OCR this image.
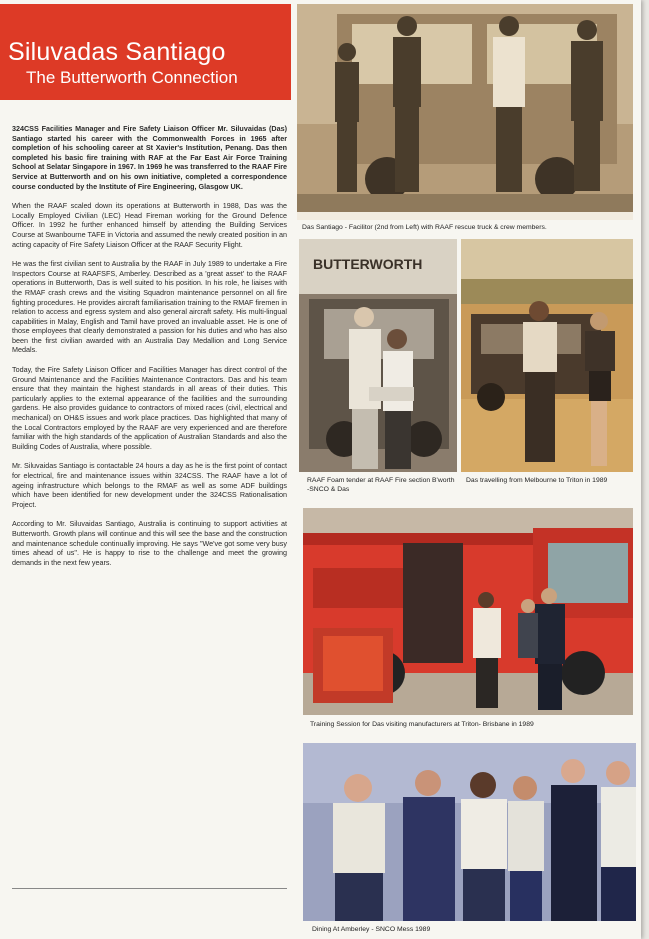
Siluvadas Santiago
The Butterworth Connection

324CSS Facilities Manager and Fire Safety Liaison Officer Mr. Siluvaidas (Das) Santiago started his career with the Commonwealth Forces in 1965 after completion of his schooling career at St Xavier's Institution, Penang. Das then completed his basic fire training with RAF at the Far East Air Force Training School at Selatar Singapore in 1967. In 1969 he was transferred to the RAAF Fire Service at Butterworth and on his own initiative, completed a correspondence course conducted by the Institute of Fire Engineering, Glasgow UK.

When the RAAF scaled down its operations at Butterworth in 1988, Das was the Locally Employed Civilian (LEC) Head Fireman working for the Ground Defence Officer. In 1992 he further enhanced himself by attending the Building Services Course at Swanbourne TAFE in Victoria and assumed the newly created position in an acting capacity of Fire Safety Liaison Officer at the RAAF Security Flight.

He was the first civilian sent to Australia by the RAAF in July 1989 to undertake a Fire Inspectors Course at RAAFSFS, Amberley. Described as a 'great asset' to the RAAF operations in Butterworth, Das is well suited to his position. In his role, he liaises with the RMAF crash crews and the visiting Squadron maintenance personnel on all fire fighting procedures. He provides aircraft familiarisation training to the RMAF firemen in relation to access and egress system and also general aircraft safety. His multi-lingual capabilities in Malay, English and Tamil have proved an invaluable asset. He is one of those employees that clearly demonstrated a passion for his duties and who has also been the first civilian awarded with an Australia Day Medallion and Long Service Medals.

Today, the Fire Safety Liaison Officer and Facilities Manager has direct control of the Ground Maintenance and the Facilities Maintenance Contractors. Das and his team ensure that they maintain the highest standards in all areas of their duties. This particularly applies to the external appearance of the facilities and the surrounding gardens. He also provides guidance to contractors of mixed races (civil, electrical and mechanical) on OH&S issues and work place practices. Das highlighted that many of the Local Contractors employed by the RAAF are very experienced and are therefore familiar with the high standards of the application of Australian Standards and also the Building Codes of Australia, where possible.

Mr. Siluvaidas Santiago is contactable 24 hours a day as he is the first point of contact for electrical, fire and maintenance issues within 324CSS. The RAAF have a lot of ageing infrastructure which belongs to the RMAF as well as some ADF buildings which have been identified for new development under the 324CSS Rationalisation Project.

According to Mr. Siluvaidas Santiago, Australia is continuing to support activities at Butterworth. Growth plans will continue and this will see the base and the construction and maintenance schedule continually improving. He says "We've got some very busy times ahead of us". He is happy to rise to the challenge and meet the growing demands in the next few years.

Das Santiago - Facilitor (2nd from Left) with RAAF rescue truck & crew members.
BUTTERWORTH
RAAF Foam tender at RAAF Fire section B'worth -SNCO & Das
Das travelling from Melbourne to Triton in 1989
Training Session for Das visiting manufacturers at Triton- Brisbane in 1989
Dining At Amberley - SNCO Mess 1989
